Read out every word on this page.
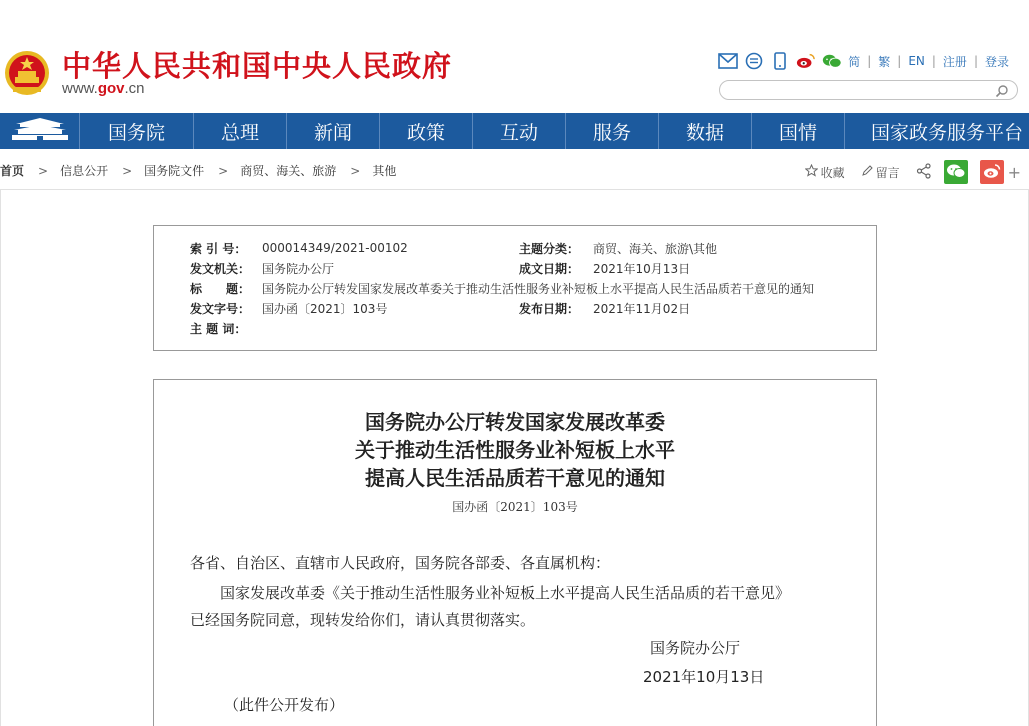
中华人民共和国中央人民政府
www.gov.cn
简 | 繁 | EN | 注册 | 登录
国务院	总理	新闻	政策	互动	服务	数据	国情	国家政务服务平台
首页 > 信息公开 > 国务院文件 > 商贸、海关、旅游 > 其他	收藏	留言	+
索 引 号：	000014349/2021-00102	主题分类：	商贸、海关、旅游\其他
发文机关： 国务院办公厅	成文日期：	2021年10月13日
标　　题： 国务院办公厅转发国家发展改革委关于推动生活性服务业补短板上水平提高人民生活品质若干意见的通知
发文字号： 国办函〔2021〕103号	发布日期：	2021年11月02日
主 题 词：
国务院办公厅转发国家发展改革委
关于推动生活性服务业补短板上水平
提高人民生活品质若干意见的通知
国办函〔2021〕103号
各省、自治区、直辖市人民政府，国务院各部委、各直属机构：
国家发展改革委《关于推动生活性服务业补短板上水平提高人民生活品质的若干意见》
已经国务院同意，现转发给你们，请认真贯彻落实。
国务院办公厅
2021年10月13日
（此件公开发布）
